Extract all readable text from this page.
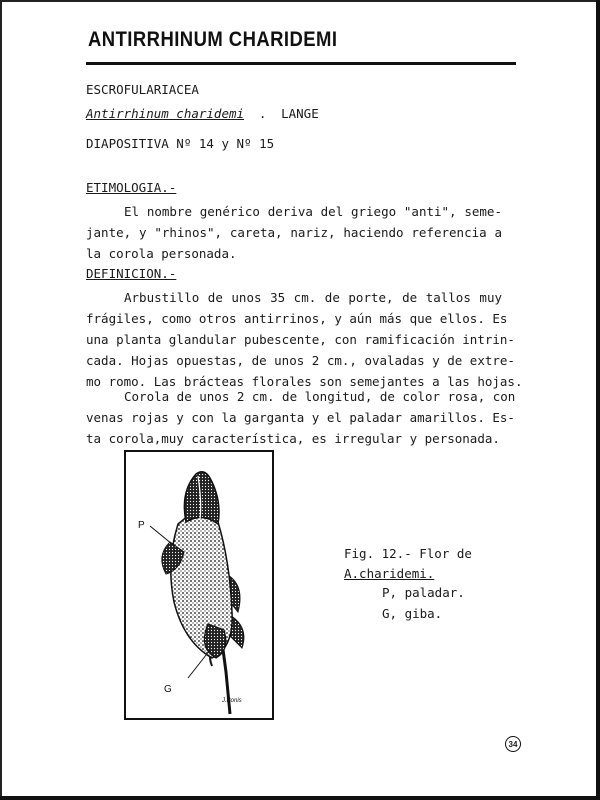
ANTIRRHINUM CHARIDEMI
ESCROFULARIACEA
Antirrhinum charidemi . LANGE
DIAPOSITIVA Nº 14 y Nº 15
ETIMOLOGIA.-
El nombre genérico deriva del griego "anti", seme-
jante, y "rhinos", careta, nariz, haciendo referencia a
la corola personada.
DEFINICION.-
Arbustillo de unos 35 cm. de porte, de tallos muy
frágiles, como otros antirrinos, y aún más que ellos. Es
una planta glandular pubescente, con ramificación intrin-
cada. Hojas opuestas, de unos 2 cm., ovaladas y de extre-
mo romo. Las brácteas florales son semejantes a las hojas.
Corola de unos 2 cm. de longitud, de color rosa, con
venas rojas y con la garganta y el paladar amarillos. Es-
ta corola,muy característica, es irregular y personada.
P
G
J.Bonis
Fig. 12.- Flor de
A.charidemi.
P, paladar.
G, giba.
34
